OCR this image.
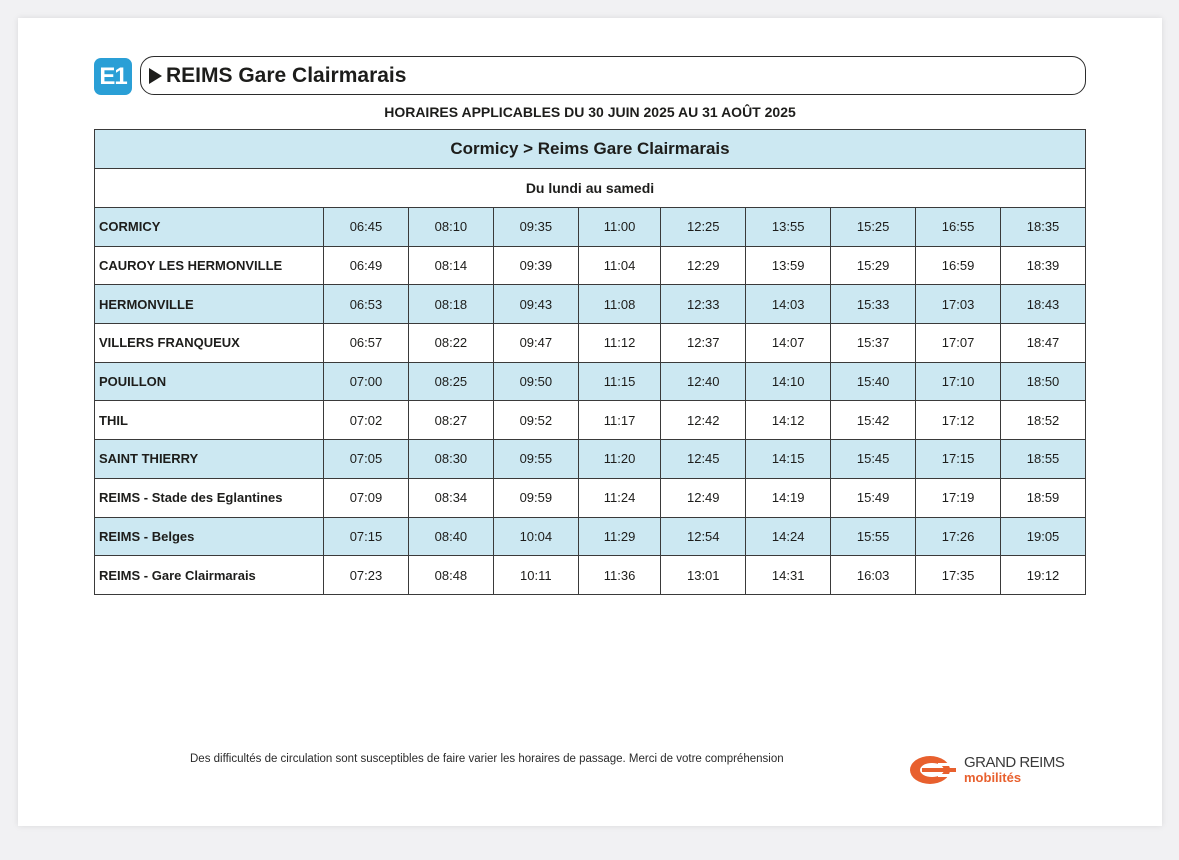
E1 REIMS Gare Clairmarais
HORAIRES APPLICABLES DU 30 JUIN 2025 AU 31 AOÛT 2025
Cormicy > Reims Gare Clairmarais									
Du lundi au samedi									
CORMICY	06:45	08:10	09:35	11:00	12:25	13:55	15:25	16:55	18:35
CAUROY LES HERMONVILLE	06:49	08:14	09:39	11:04	12:29	13:59	15:29	16:59	18:39
HERMONVILLE	06:53	08:18	09:43	11:08	12:33	14:03	15:33	17:03	18:43
VILLERS FRANQUEUX	06:57	08:22	09:47	11:12	12:37	14:07	15:37	17:07	18:47
POUILLON	07:00	08:25	09:50	11:15	12:40	14:10	15:40	17:10	18:50
THIL	07:02	08:27	09:52	11:17	12:42	14:12	15:42	17:12	18:52
SAINT THIERRY	07:05	08:30	09:55	11:20	12:45	14:15	15:45	17:15	18:55
REIMS - Stade des Eglantines	07:09	08:34	09:59	11:24	12:49	14:19	15:49	17:19	18:59
REIMS - Belges	07:15	08:40	10:04	11:29	12:54	14:24	15:55	17:26	19:05
REIMS - Gare Clairmarais	07:23	08:48	10:11	11:36	13:01	14:31	16:03	17:35	19:12
Des difficultés de circulation sont susceptibles de faire varier les horaires de passage. Merci de votre compréhension	GRAND REIMS
mobilités
